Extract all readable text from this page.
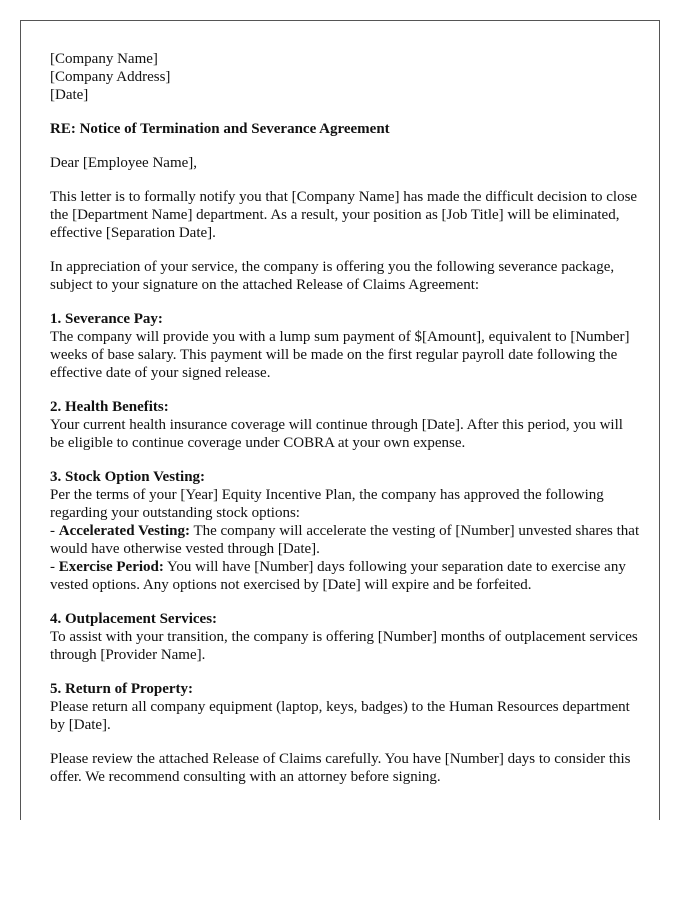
[Company Name]
[Company Address]
[Date]

RE: Notice of Termination and Severance Agreement

Dear [Employee Name],

This letter is to formally notify you that [Company Name] has made the difficult decision to close the [Department Name] department. As a result, your position as [Job Title] will be eliminated, effective [Separation Date].

In appreciation of your service, the company is offering you the following severance package, subject to your signature on the attached Release of Claims Agreement:

1. Severance Pay:
The company will provide you with a lump sum payment of $[Amount], equivalent to [Number] weeks of base salary. This payment will be made on the first regular payroll date following the effective date of your signed release.
2. Health Benefits:
Your current health insurance coverage will continue through [Date]. After this period, you will be eligible to continue coverage under COBRA at your own expense.
3. Stock Option Vesting:
Per the terms of your [Year] Equity Incentive Plan, the company has approved the following regarding your outstanding stock options:
- Accelerated Vesting: The company will accelerate the vesting of [Number] unvested shares that would have otherwise vested through [Date].
- Exercise Period: You will have [Number] days following your separation date to exercise any vested options. Any options not exercised by [Date] will expire and be forfeited.
4. Outplacement Services:
To assist with your transition, the company is offering [Number] months of outplacement services through [Provider Name].
5. Return of Property:
Please return all company equipment (laptop, keys, badges) to the Human Resources department by [Date].

Please review the attached Release of Claims carefully. You have [Number] days to consider this offer. We recommend consulting with an attorney before signing.
